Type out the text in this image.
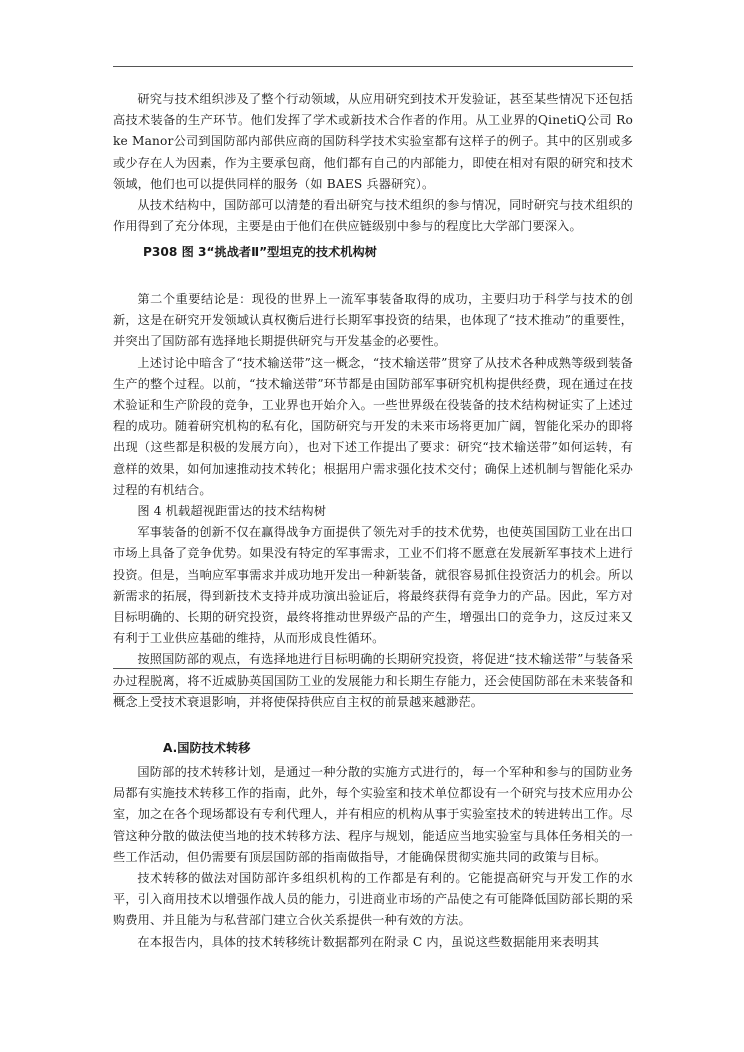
研究与技术组织涉及了整个行动领域，从应用研究到技术开发验证，甚至某些情况下还包括高技术装备的生产环节。他们发挥了学术或新技术合作者的作用。从工业界的QinetiQ公司 Roke Manor公司到国防部内部供应商的国防科学技术实验室都有这样子的例子。其中的区别或多或少存在人为因素，作为主要承包商，他们都有自己的内部能力，即使在相对有限的研究和技术领域，他们也可以提供同样的服务（如 BAES 兵器研究）。

从技术结构中，国防部可以清楚的看出研究与技术组织的参与情况，同时研究与技术组织的作用得到了充分体现，主要是由于他们在供应链级别中参与的程度比大学部门要深入。

P308 图 3“挑战者Ⅱ”型坦克的技术机构树

第二个重要结论是：现役的世界上一流军事装备取得的成功，主要归功于科学与技术的创新，这是在研究开发领域认真权衡后进行长期军事投资的结果，也体现了“技术推动”的重要性，并突出了国防部有选择地长期提供研究与开发基金的必要性。

上述讨论中暗含了“技术输送带”这一概念，“技术输送带”贯穿了从技术各种成熟等级到装备生产的整个过程。以前，“技术输送带”环节都是由国防部军事研究机构提供经费，现在通过在技术验证和生产阶段的竞争，工业界也开始介入。一些世界级在役装备的技术结构树证实了上述过程的成功。随着研究机构的私有化，国防研究与开发的未来市场将更加广阔，智能化采办的即将出现（这些都是积极的发展方向），也对下述工作提出了要求：研究“技术输送带”如何运转，有意样的效果，如何加速推动技术转化；根据用户需求强化技术交付；确保上述机制与智能化采办过程的有机结合。

图 4 机载超视距雷达的技术结构树

军事装备的创新不仅在赢得战争方面提供了领先对手的技术优势，也使英国国防工业在出口市场上具备了竞争优势。如果没有特定的军事需求，工业不们将不愿意在发展新军事技术上进行投资。但是，当响应军事需求并成功地开发出一种新装备，就很容易抓住投资活力的机会。所以新需求的拓展，得到新技术支持并成功演出验证后，将最终获得有竞争力的产品。因此，军方对目标明确的、长期的研究投资，最终将推动世界级产品的产生，增强出口的竞争力，这反过来又有利于工业供应基础的维持，从而形成良性循环。

按照国防部的观点，有选择地进行目标明确的长期研究投资，将促进“技术输送带”与装备采办过程脱离，将不近威胁英国国防工业的发展能力和长期生存能力，还会使国防部在未来装备和概念上受技术衰退影响，并将使保持供应自主权的前景越来越渺茫。

A.国防技术转移

国防部的技术转移计划，是通过一种分散的实施方式进行的，每一个军种和参与的国防业务局都有实施技术转移工作的指南，此外，每个实验室和技术单位都设有一个研究与技术应用办公室，加之在各个现场都设有专利代理人，并有相应的机构从事于实验室技术的转进转出工作。尽管这种分散的做法使当地的技术转移方法、程序与规划，能适应当地实验室与具体任务相关的一些工作活动，但仍需要有顶层国防部的指南做指导，才能确保贯彻实施共同的政策与目标。

技术转移的做法对国防部许多组织机构的工作都是有利的。它能提高研究与开发工作的水平，引入商用技术以增强作战人员的能力，引进商业市场的产品使之有可能降低国防部长期的采购费用、并且能为与私营部门建立合伙关系提供一种有效的方法。

在本报告内，具体的技术转移统计数据都列在附录 C 内，虽说这些数据能用来表明其
